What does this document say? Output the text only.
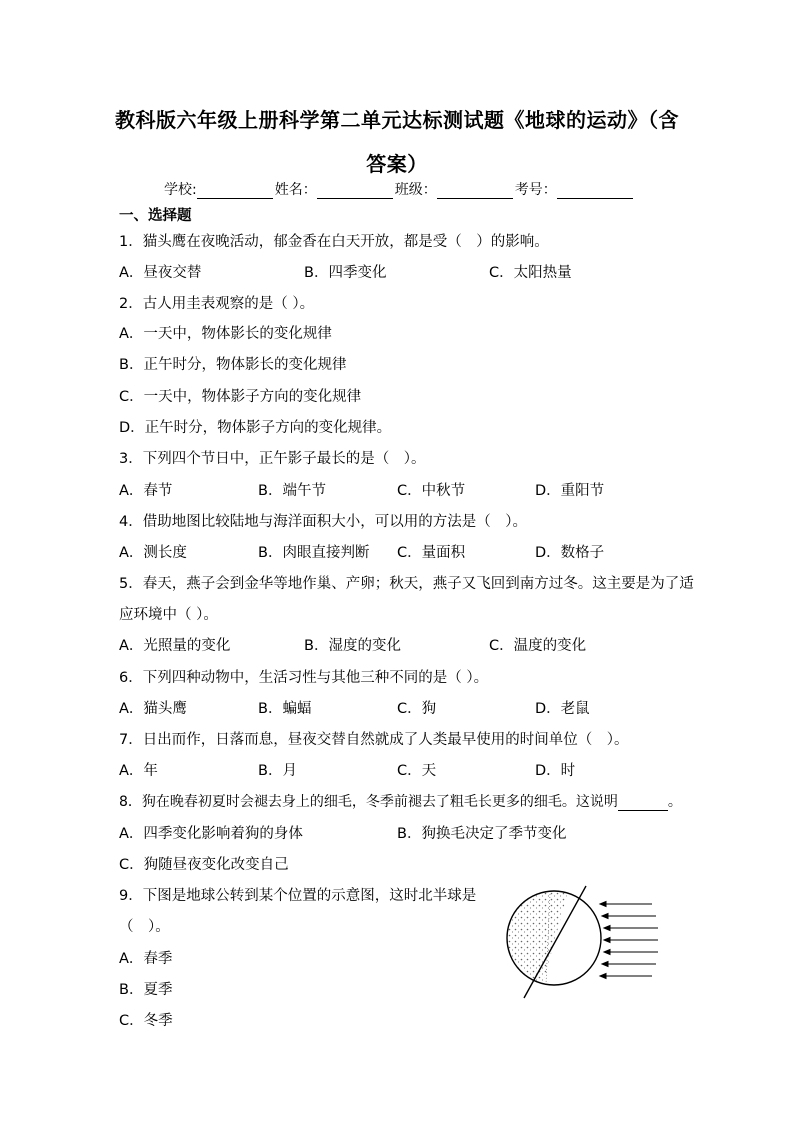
教科版六年级上册科学第二单元达标测试题《地球的运动》（含
答案）
学校:	姓名：	班级：	考号：
一、选择题
1．猫头鹰在夜晚活动，郁金香在白天开放，都是受（　）的影响。
A．昼夜交替	B．四季变化	C．太阳热量
2．古人用圭表观察的是（ ）。
A．一天中，物体影长的变化规律
B．正午时分，物体影长的变化规律
C．一天中，物体影子方向的变化规律
D．正午时分，物体影子方向的变化规律。
3．下列四个节日中，正午影子最长的是（　）。
A．春节	B．端午节	C．中秋节	D．重阳节
4．借助地图比较陆地与海洋面积大小，可以用的方法是（　）。
A．测长度	B．肉眼直接判断 C．量面积	D．数格子
5．春天，燕子会到金华等地作巢、产卵；秋天，燕子又飞回到南方过冬。这主要是为了适
应环境中（ ）。
A．光照量的变化	B．湿度的变化	C．温度的变化
6．下列四种动物中，生活习性与其他三种不同的是（ ）。
A．猫头鹰	B．蝙蝠	C．狗	D．老鼠
7．日出而作，日落而息，昼夜交替自然就成了人类最早使用的时间单位（　）。
A．年	B．月	C．天	D．时
8．狗在晚春初夏时会褪去身上的细毛，冬季前褪去了粗毛长更多的细毛。这说明	。
A．四季变化影响着狗的身体	B．狗换毛决定了季节变化
C．狗随昼夜变化改变自己
9．下图是地球公转到某个位置的示意图，这时北半球是
（　）。
A．春季
B．夏季
C．冬季
